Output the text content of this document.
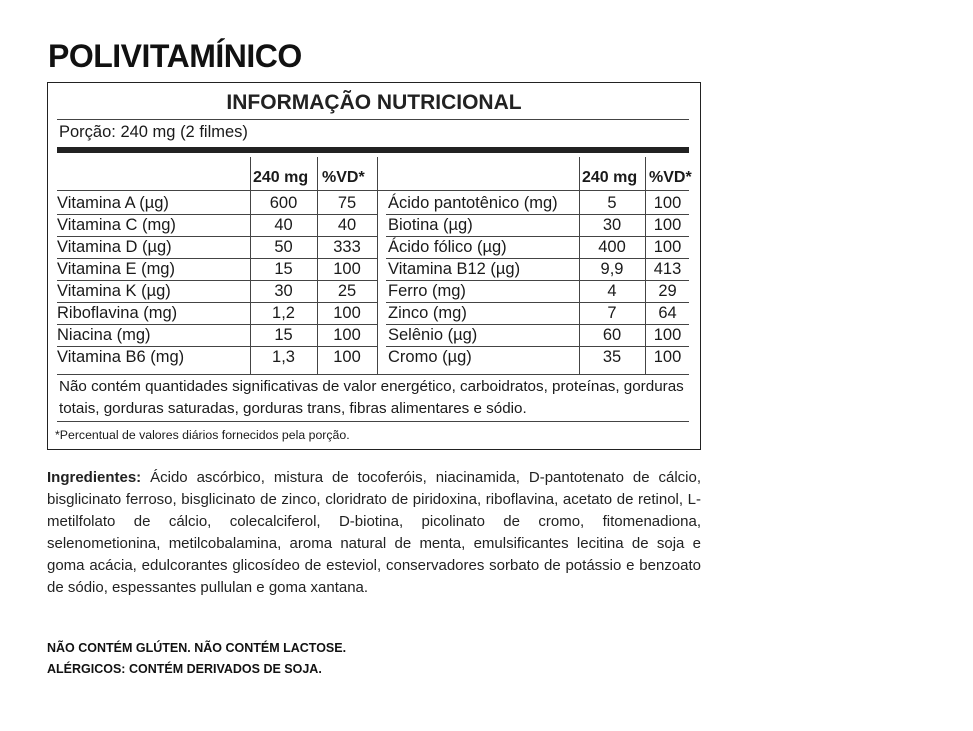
POLIVITAMÍNICO
INFORMAÇÃO NUTRICIONAL
Porção: 240 mg (2 filmes)
240 mg %VD*	240 mg %VD*
Vitamina A (µg)	600	75
Vitamina C (mg)	40	40
Vitamina D (µg)	50	333
Vitamina E (mg)	15	100
Vitamina K (µg)	30	25
Riboflavina (mg)	1,2	100
Niacina (mg)	15	100
Vitamina B6 (mg)	1,3	100
Ácido pantotênico (mg)	5	100
Biotina (µg)	30	100
Ácido fólico (µg)	400	100
Vitamina B12 (µg)	9,9	413
Ferro (mg)	4	29
Zinco (mg)	7	64
Selênio (µg)	60	100
Cromo (µg)	35	100
Não contém quantidades significativas de valor energético, carboidratos, proteínas, gorduras totais, gorduras saturadas, gorduras trans, fibras alimentares e sódio.
*Percentual de valores diários fornecidos pela porção.
Ingredientes: Ácido ascórbico, mistura de tocoferóis, niacinamida, D-pantotenato de cálcio, bisglicinato ferroso, bisglicinato de zinco, cloridrato de piridoxina, riboflavina, acetato de retinol, L-metilfolato de cálcio, colecalciferol, D-biotina, picolinato de cromo, fitomenadiona, selenometionina, metilcobalamina, aroma natural de menta, emulsificantes lecitina de soja e goma acácia, edulcorantes glicosídeo de esteviol, conservadores sorbato de potássio e benzoato de sódio, espessantes pullulan e goma xantana.
NÃO CONTÉM GLÚTEN. NÃO CONTÉM LACTOSE.
ALÉRGICOS: CONTÉM DERIVADOS DE SOJA.
